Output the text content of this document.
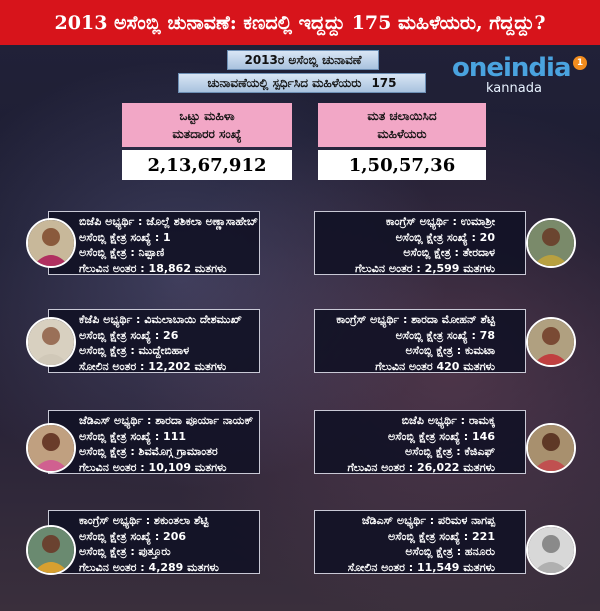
2013 ಅಸೆಂಬ್ಲಿ ಚುನಾವಣೆ: ಕಣದಲ್ಲಿ ಇದ್ದದ್ದು 175 ಮಹಿಳೆಯರು, ಗೆದ್ದದ್ದು?
2013ರ ಅಸೆಂಬ್ಲಿ ಚುನಾವಣೆ
ಚುನಾವಣೆಯಲ್ಲಿ ಸ್ಪರ್ಧಿಸಿದ ಮಹಿಳೆಯರು 175 oneindia
kannada
1
ಒಟ್ಟು ಮಹಿಳಾ
ಮತದಾರರ ಸಂಖ್ಯೆ
ಮತ ಚಲಾಯಿಸಿದ
ಮಹಿಳೆಯರು
2,13,67,912	1,50,57,36
ಬಿಜೆಪಿ ಅಭ್ಯರ್ಥಿ : ಜೊಲ್ಲೆ ಶಶಿಕಲಾ ಅಣ್ಣಾಸಾಹೇಬ್
ಅಸೆಂಬ್ಲಿ ಕ್ಷೇತ್ರ ಸಂಖ್ಯೆ : 1
ಅಸೆಂಬ್ಲಿ ಕ್ಷೇತ್ರ : ನಿಪ್ಪಾಣಿ
ಗೆಲುವಿನ ಅಂತರ : 18,862 ಮತಗಳು
ಕಾಂಗ್ರೆಸ್ ಅಭ್ಯರ್ಥಿ : ಉಮಾಶ್ರೀ
ಅಸೆಂಬ್ಲಿ ಕ್ಷೇತ್ರ ಸಂಖ್ಯೆ : 20
ಅಸೆಂಬ್ಲಿ ಕ್ಷೇತ್ರ : ತೇರದಾಳ
ಗೆಲುವಿನ ಅಂತರ : 2,599 ಮತಗಳು
ಕೆಜೆಪಿ ಅಭ್ಯರ್ಥಿ : ವಿಮಲಾಬಾಯಿ ದೇಶಮುಖ್
ಅಸೆಂಬ್ಲಿ ಕ್ಷೇತ್ರ ಸಂಖ್ಯೆ : 26
ಅಸೆಂಬ್ಲಿ ಕ್ಷೇತ್ರ : ಮುದ್ದೇಬಿಹಾಳ
ಸೋಲಿನ ಅಂತರ : 12,202 ಮತಗಳು
ಕಾಂಗ್ರೆಸ್ ಅಭ್ಯರ್ಥಿ : ಶಾರದಾ ಮೋಹನ್ ಶೆಟ್ಟಿ
ಅಸೆಂಬ್ಲಿ ಕ್ಷೇತ್ರ ಸಂಖ್ಯೆ : 78
ಅಸೆಂಬ್ಲಿ ಕ್ಷೇತ್ರ : ಕುಮಟಾ
ಗೆಲುವಿನ ಅಂತರ 420 ಮತಗಳು
ಜೆಡಿಎಸ್ ಅಭ್ಯರ್ಥಿ : ಶಾರದಾ ಪೂರ್ಯಾ ನಾಯಕ್
ಅಸೆಂಬ್ಲಿ ಕ್ಷೇತ್ರ ಸಂಖ್ಯೆ : 111
ಅಸೆಂಬ್ಲಿ ಕ್ಷೇತ್ರ : ಶಿವಮೊಗ್ಗ ಗ್ರಾಮಾಂತರ
ಗೆಲುವಿನ ಅಂತರ : 10,109 ಮತಗಳು
ಬಿಜೆಪಿ ಅಭ್ಯರ್ಥಿ : ರಾಮಕ್ಕ
ಅಸೆಂಬ್ಲಿ ಕ್ಷೇತ್ರ ಸಂಖ್ಯೆ : 146
ಅಸೆಂಬ್ಲಿ ಕ್ಷೇತ್ರ : ಕೆಜಿಎಫ್
ಗೆಲುವಿನ ಅಂತರ : 26,022 ಮತಗಳು
ಕಾಂಗ್ರೆಸ್ ಅಭ್ಯರ್ಥಿ : ಶಕುಂತಲಾ ಶೆಟ್ಟಿ
ಅಸೆಂಬ್ಲಿ ಕ್ಷೇತ್ರ ಸಂಖ್ಯೆ : 206
ಅಸೆಂಬ್ಲಿ ಕ್ಷೇತ್ರ : ಪುತ್ತೂರು
ಗೆಲುವಿನ ಅಂತರ : 4,289 ಮತಗಳು
ಜೆಡಿಎಸ್ ಅಭ್ಯರ್ಥಿ : ಪರಿಮಳ ನಾಗಪ್ಪ
ಅಸೆಂಬ್ಲಿ ಕ್ಷೇತ್ರ ಸಂಖ್ಯೆ : 221
ಅಸೆಂಬ್ಲಿ ಕ್ಷೇತ್ರ : ಹನೂರು
ಸೋಲಿನ ಅಂತರ : 11,549 ಮತಗಳು
